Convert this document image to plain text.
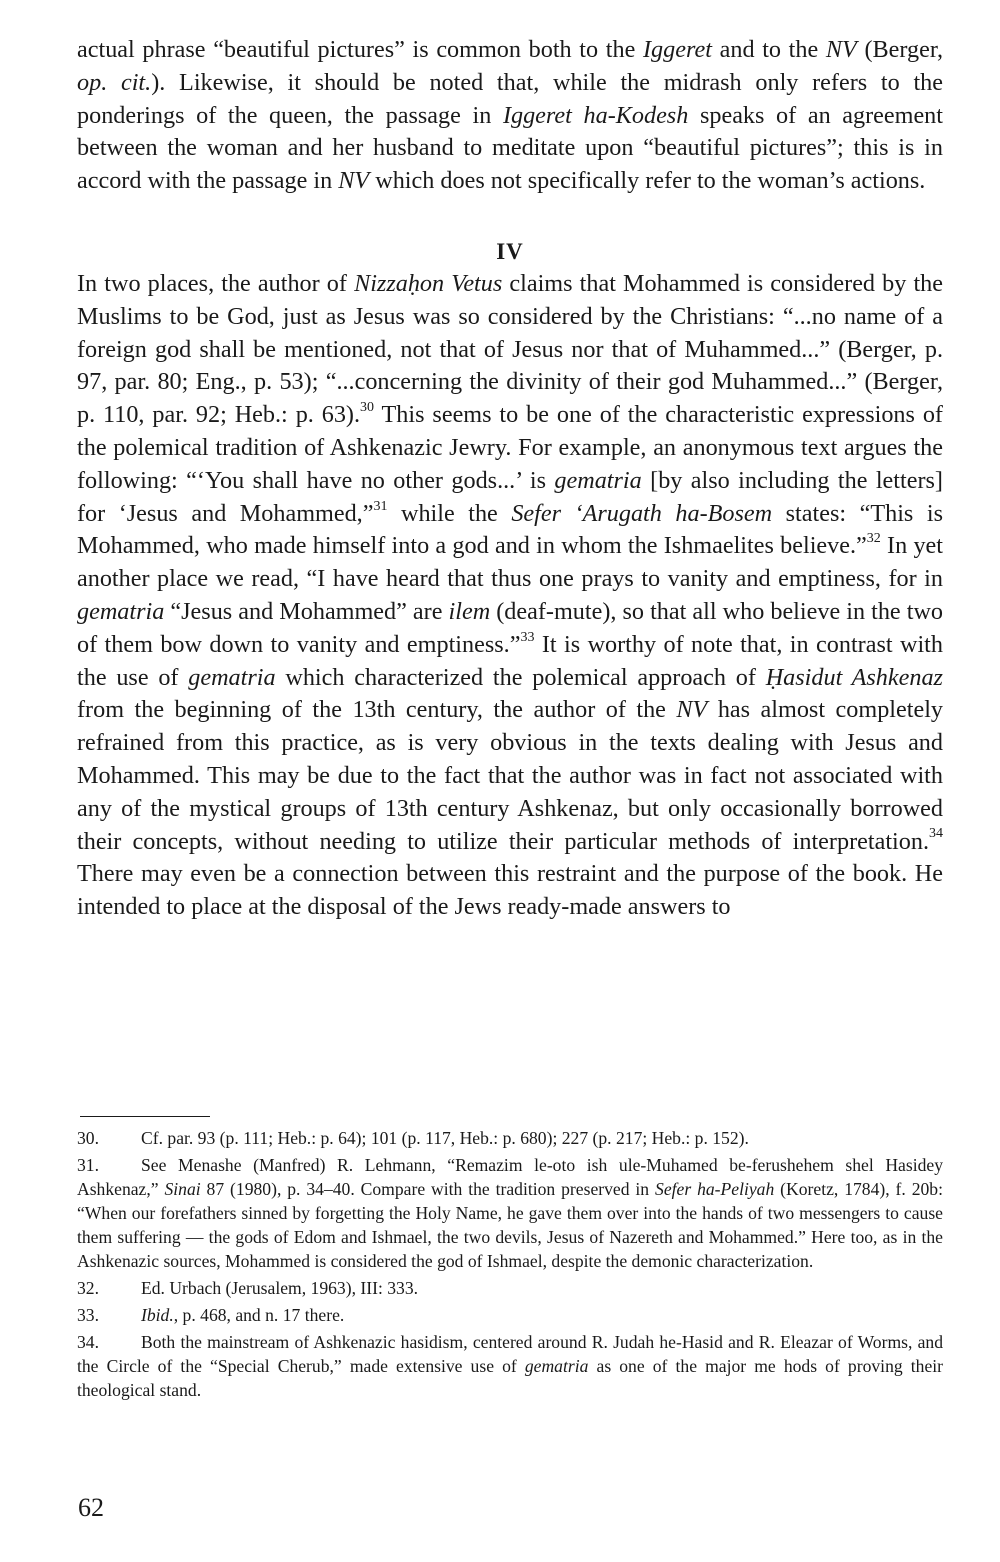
actual phrase “beautiful pictures” is common both to the Iggeret and to the NV (Berger, op. cit.). Likewise, it should be noted that, while the midrash only refers to the ponderings of the queen, the passage in Iggeret ha-Kodesh speaks of an agreement between the woman and her husband to meditate upon “beautiful pictures”; this is in accord with the passage in NV which does not specifically refer to the woman’s actions.

IV

In two places, the author of Nizzaḥon Vetus claims that Mohammed is considered by the Muslims to be God, just as Jesus was so considered by the Christians: “...no name of a foreign god shall be mentioned, not that of Jesus nor that of Muhammed...” (Berger, p. 97, par. 80; Eng., p. 53); “...concerning the divinity of their god Muhammed...” (Berger, p. 110, par. 92; Heb.: p. 63).$^{30}$ This seems to be one of the characteristic expressions of the polemical tradition of Ashkenazic Jewry. For example, an anonymous text argues the following: “‘You shall have no other gods...’ is gematria [by also including the letters] for ‘Jesus and Mohammed,”$^{31}$ while the Sefer ‘Arugath ha-Bosem states: “This is Mohammed, who made himself into a god and in whom the Ishmaelites believe.”$^{32}$ In yet another place we read, “I have heard that thus one prays to vanity and emptiness, for in gematria “Jesus and Mohammed” are ilem (deaf-mute), so that all who believe in the two of them bow down to vanity and emptiness.”$^{33}$ It is worthy of note that, in contrast with the use of gematria which characterized the polemical approach of Ḥasidut Ashkenaz from the beginning of the 13th century, the author of the NV has almost completely refrained from this practice, as is very obvious in the texts dealing with Jesus and Mohammed. This may be due to the fact that the author was in fact not associated with any of the mystical groups of 13th century Ashkenaz, but only occasionally borrowed their concepts, without needing to utilize their particular methods of interpretation.$^{34}$ There may even be a connection between this restraint and the purpose of the book. He intended to place at the disposal of the Jews ready-made answers to

30. Cf. par. 93 (p. 111; Heb.: p. 64); 101 (p. 117, Heb.: p. 680); 227 (p. 217; Heb.: p. 152).

31. See Menashe (Manfred) R. Lehmann, “Remazim le-oto ish ule-Muhamed be-ferushehem shel Hasidey Ashkenaz,” Sinai 87 (1980), p. 34–40. Compare with the tradition preserved in Sefer ha-Peliyah (Koretz, 1784), f. 20b: “When our forefathers sinned by forgetting the Holy Name, he gave them over into the hands of two messengers to cause them suffering — the gods of Edom and Ishmael, the two devils, Jesus of Nazereth and Mohammed.” Here too, as in the Ashkenazic sources, Mohammed is considered the god of Ishmael, despite the demonic characterization.

32. Ed. Urbach (Jerusalem, 1963), III: 333.

33. Ibid., p. 468, and n. 17 there.

34. Both the mainstream of Ashkenazic hasidism, centered around R. Judah he-Hasid and R. Eleazar of Worms, and the Circle of the “Special Cherub,” made extensive use of gematria as one of the major me hods of proving their theological stand.

62
